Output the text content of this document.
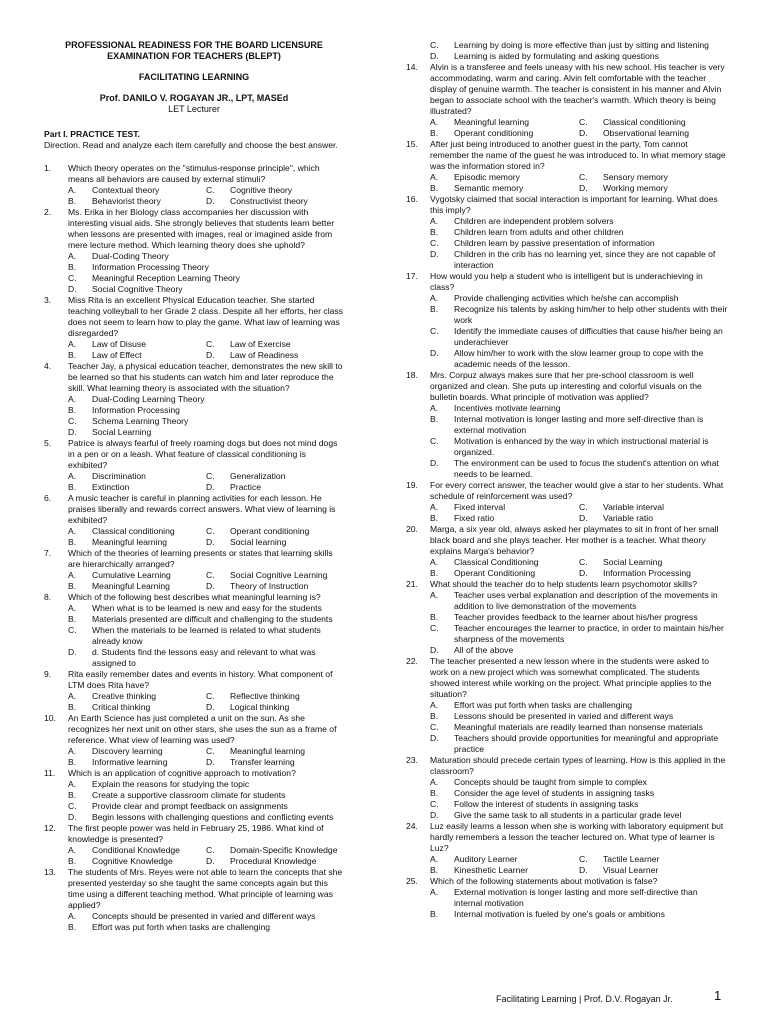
PROFESSIONAL READINESS FOR THE BOARD LICENSURE
EXAMINATION FOR TEACHERS (BLEPT)
FACILITATING LEARNING
Prof. DANILO V. ROGAYAN JR., LPT, MASEd
LET Lecturer
Part I. PRACTICE TEST.
Direction. Read and analyze each item carefully and choose the best answer.
1. Which theory operates on the "stimulus-response principle", which means all behaviors are caused by external stimuli?
A. Contextual theory	C. Cognitive theory
B. Behaviorist theory	D. Constructivist theory
2. Ms. Erika in her Biology class accompanies her discussion with interesting visual aids. She strongly believes that students learn better when lessons are presented with images, real or imagined aside from mere lecture method. Which learning theory does she uphold?
A. Dual-Coding Theory
B. Information Processing Theory
C. Meaningful Reception Learning Theory
D. Social Cognitive Theory
3. Miss Rita is an excellent Physical Education teacher. She started teaching volleyball to her Grade 2 class. Despite all her efforts, her class does not seem to learn how to play the game. What law of learning was disregarded?
A. Law of Disuse	C. Law of Exercise
B. Law of Effect	D. Law of Readiness
4. Teacher Jay, a physical education teacher, demonstrates the new skill to be learned so that his students can watch him and later reproduce the skill. What learning theory is associated with the situation?
A. Dual-Coding Learning Theory
B. Information Processing
C. Schema Learning Theory
D. Social Learning
5. Patrice is always fearful of freely roaming dogs but does not mind dogs in a pen or on a leash. What feature of classical conditioning is exhibited?
A. Discrimination	C. Generalization
B. Extinction	D. Practice
6. A music teacher is careful in planning activities for each lesson. He praises liberally and rewards correct answers. What view of learning is exhibited?
A. Classical conditioning	C. Operant conditioning
B. Meaningful learning	D. Social learning
7. Which of the theories of learning presents or states that learning skills are hierarchically arranged?
A. Cumulative Learning	C. Social Cognitive Learning
B. Meaningful Learning	D. Theory of Instruction
8. Which of the following best describes what meaningful learning is?
A. When what is to be learned is new and easy for the students
B. Materials presented are difficult and challenging to the students
C. When the materials to be learned is related to what students already know
D. d. Students find the lessons easy and relevant to what was assigned to
9. Rita easily remember dates and events in history. What component of LTM does Rita have?
A. Creative thinking	C. Reflective thinking
B. Critical thinking	D. Logical thinking
10. An Earth Science has just completed a unit on the sun. As she recognizes her next unit on other stars, she uses the sun as a frame of reference. What view of learning was used?
A. Discovery learning	C. Meaningful learning
B. Informative learning	D. Transfer learning
11. Which is an application of cognitive approach to motivation?
A. Explain the reasons for studying the topic
B. Create a supportive classroom climate for students
C. Provide clear and prompt feedback on assignments
D. Begin lessons with challenging questions and conflicting events
12. The first people power was held in February 25, 1986. What kind of knowledge is presented?
A. Conditional Knowledge	C. Domain-Specific Knowledge
B. Cognitive Knowledge	D. Procedural Knowledge
13. The students of Mrs. Reyes were not able to learn the concepts that she presented yesterday so she taught the same concepts again but this time using a different teaching method. What principle of learning was applied?
A. Concepts should be presented in varied and different ways
B. Effort was put forth when tasks are challenging
C. Learning by doing is more effective than just by sitting and listening
D. Learning is aided by formulating and asking questions
14. Alvin is a transferee and feels uneasy with his new school. His teacher is very accommodating, warm and caring. Alvin felt comfortable with the teacher display of genuine warmth. The teacher is consistent in his manner and Alvin began to associate school with the teacher's warmth. Which theory is being illustrated?
A. Meaningful learning	C. Classical conditioning
B. Operant conditioning	D. Observational learning
15. After just being introduced to another guest in the party, Tom cannot remember the name of the guest he was introduced to. In what memory stage was the information stored in?
A. Episodic memory	C. Sensory memory
B. Semantic memory	D. Working memory
16. Vygotsky claimed that social interaction is important for learning. What does this imply?
A. Children are independent problem solvers
B. Children learn from adults and other children
C. Children learn by passive presentation of information
D. Children in the crib has no learning yet, since they are not capable of interaction
17. How would you help a student who is intelligent but is underachieving in class?
A. Provide challenging activities which he/she can accomplish
B. Recognize his talents by asking him/her to help other students with their work
C. Identify the immediate causes of difficulties that cause his/her being an underachiever
D. Allow him/her to work with the slow learner group to cope with the academic needs of the lesson.
18. Mrs. Corpuz always makes sure that her pre-school classroom is well organized and clean. She puts up interesting and colorful visuals on the bulletin boards. What principle of motivation was applied?
A. Incentives motivate learning
B. Internal motivation is longer lasting and more self-directive than is external motivation
C. Motivation is enhanced by the way in which instructional material is organized.
D. The environment can be used to focus the student's attention on what needs to be learned.
19. For every correct answer, the teacher would give a star to her students. What schedule of reinforcement was used?
A. Fixed interval	C. Variable interval
B. Fixed ratio	D. Variable ratio
20. Marga, a six year old, always asked her playmates to sit in front of her small black board and she plays teacher. Her mother is a teacher. What theory explains Marga's behavior?
A. Classical Conditioning	C. Social Learning
B. Operant Conditioning	D. Information Processing
21. What should the teacher do to help students learn psychomotor skills?
A. Teacher uses verbal explanation and description of the movements in addition to live demonstration of the movements
B. Teacher provides feedback to the learner about his/her progress
C. Teacher encourages the learner to practice, in order to maintain his/her sharpness of the movements
D. All of the above
22. The teacher presented a new lesson where in the students were asked to work on a new project which was somewhat complicated. The students showed interest while working on the project. What principle applies to the situation?
A. Effort was put forth when tasks are challenging
B. Lessons should be presented in varied and different ways
C. Meaningful materials are readily learned than nonsense materials
D. Teachers should provide opportunities for meaningful and appropriate practice
23. Maturation should precede certain types of learning. How is this applied in the classroom?
A. Concepts should be taught from simple to complex
B. Consider the age level of students in assigning tasks
C. Follow the interest of students in assigning tasks
D. Give the same task to all students in a particular grade level
24. Luz easily learns a lesson when she is working with laboratory equipment but hardly remembers a lesson the teacher lectured on. What type of learner is Luz?
A. Auditory Learner	C. Tactile Learner
B. Kinesthetic Learner	D. Visual Learner
25. Which of the following statements about motivation is false?
A. External motivation is longer lasting and more self-directive than internal motivation
B. Internal motivation is fueled by one's goals or ambitions
Facilitating Learning | Prof. D.V. Rogayan Jr.	1
